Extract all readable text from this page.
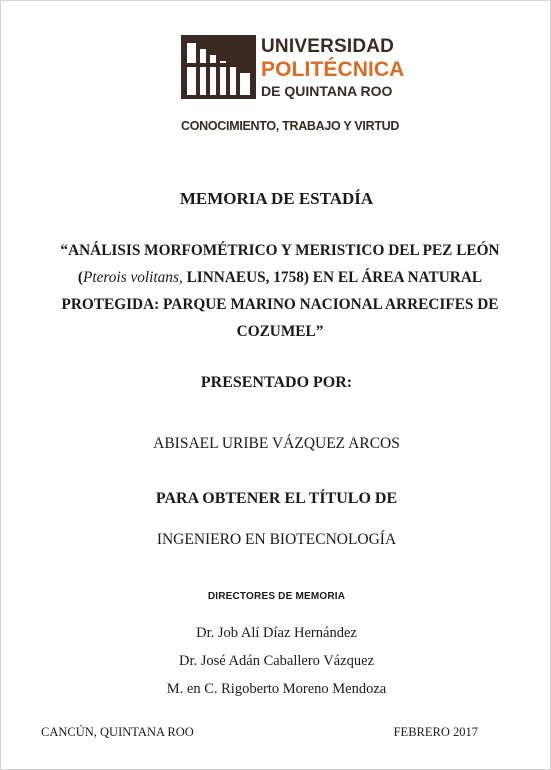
UNIVERSIDAD
POLITÉCNICA
DE QUINTANA ROO
CONOCIMIENTO, TRABAJO Y VIRTUD
MEMORIA DE ESTADÍA
“ANÁLISIS MORFOMÉTRICO Y MERISTICO DEL PEZ LEÓN (Pterois volitans, LINNAEUS, 1758) EN EL ÁREA NATURAL PROTEGIDA: PARQUE MARINO NACIONAL ARRECIFES DE COZUMEL”
PRESENTADO POR:
ABISAEL URIBE VÁZQUEZ ARCOS
PARA OBTENER EL TÍTULO DE
INGENIERO EN BIOTECNOLOGÍA
DIRECTORES DE MEMORIA
Dr. Job Alí Díaz Hernández
Dr. José Adán Caballero Vázquez
M. en C. Rigoberto Moreno Mendoza
CANCÚN, QUINTANA ROO	FEBRERO 2017
